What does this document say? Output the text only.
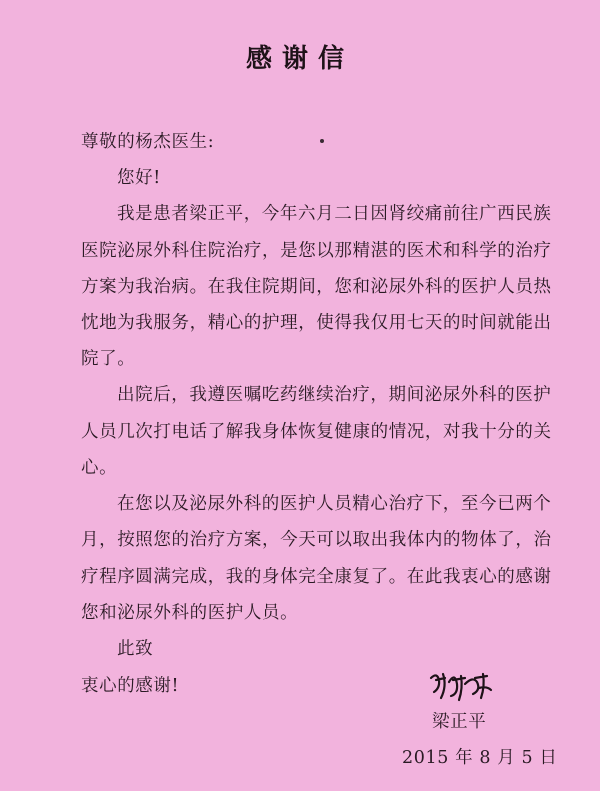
感谢信
尊敬的杨杰医生:
您好!
我是患者梁正平，今年六月二日因肾绞痛前往广西民族
医院泌尿外科住院治疗，是您以那精湛的医术和科学的治疗
方案为我治病。在我住院期间，您和泌尿外科的医护人员热
忱地为我服务，精心的护理，使得我仅用七天的时间就能出
院了。
出院后，我遵医嘱吃药继续治疗，期间泌尿外科的医护
人员几次打电话了解我身体恢复健康的情况，对我十分的关
心。
在您以及泌尿外科的医护人员精心治疗下，至今已两个
月，按照您的治疗方案，今天可以取出我体内的物体了，治
疗程序圆满完成，我的身体完全康复了。在此我衷心的感谢
您和泌尿外科的医护人员。
此致
衷心的感谢!
梁正平
2015 年 8 月 5 日
